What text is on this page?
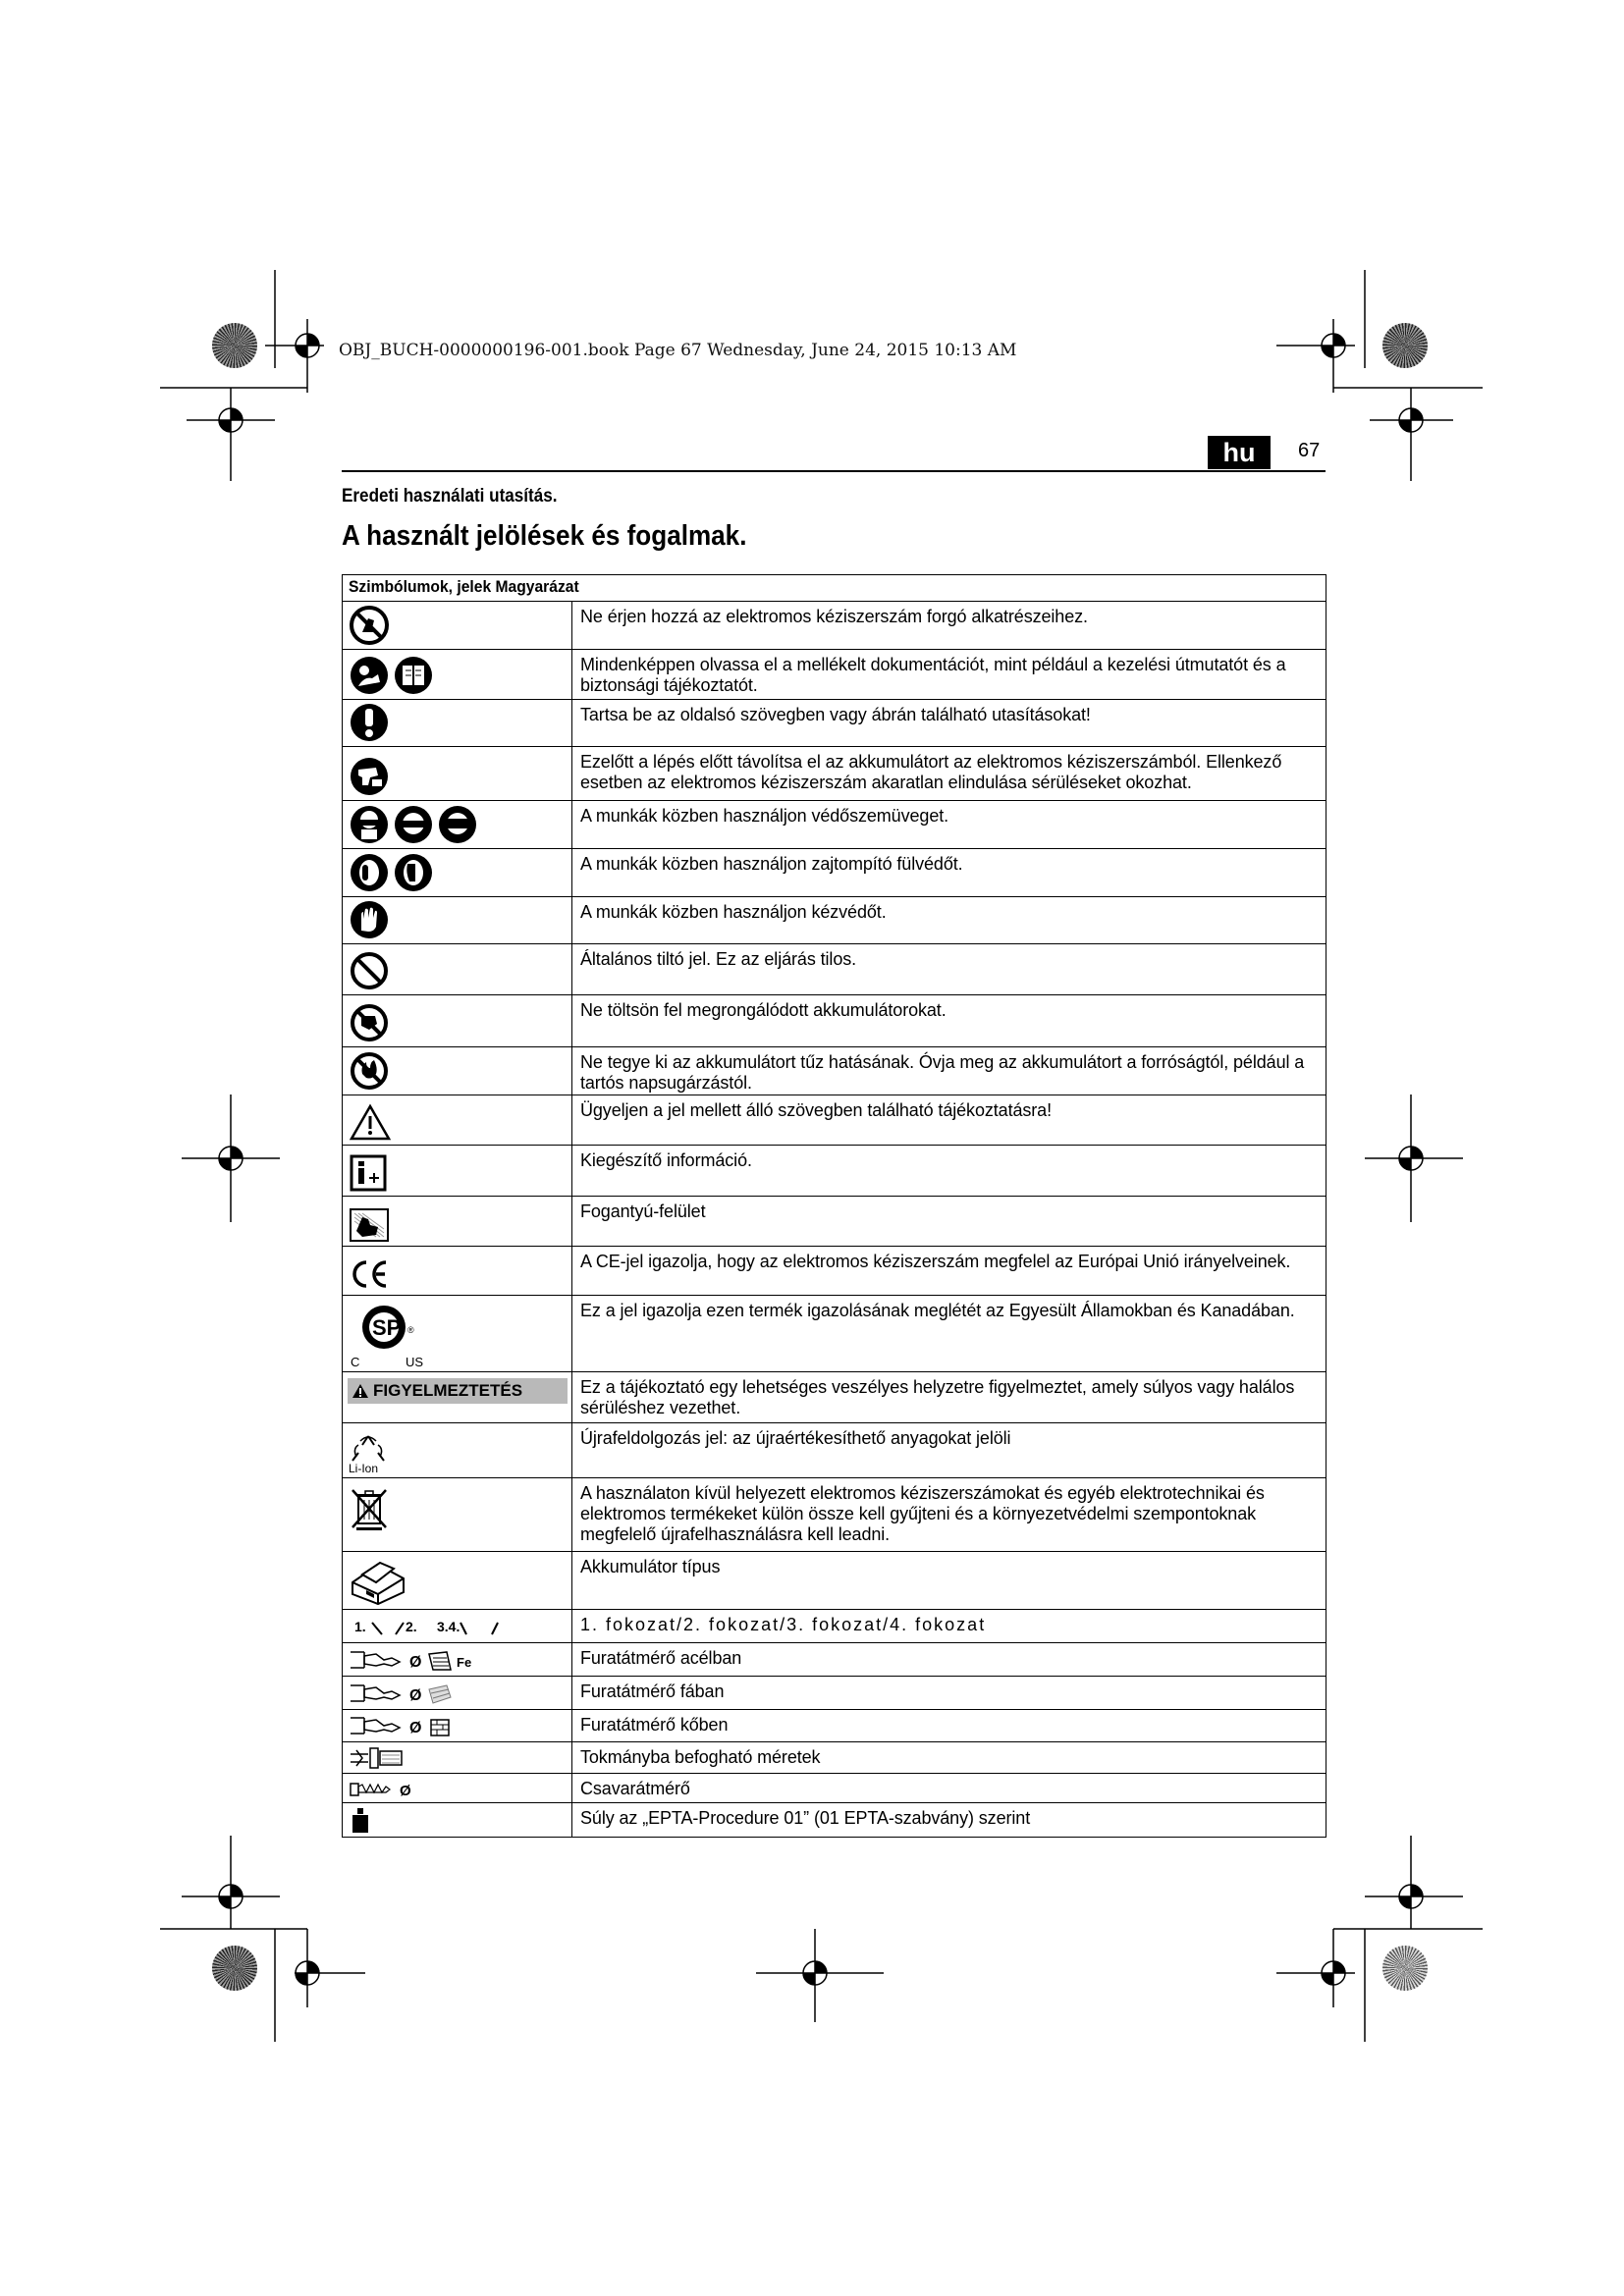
OBJ_BUCH-0000000196-001.book Page 67 Wednesday, June 24, 2015 10:13 AM
hu	67
Eredeti használati utasítás.
A használt jelölések és fogalmak.
Szimbólumok, jelek Magyarázat	

	Ne érjen hozzá az elektromos kéziszerszám forgó alkatrészeihez.

	Mindenképpen olvassa el a mellékelt dokumentációt, mint például a kezelési útmutatót és a biztonsági tájékoztatót.

	Tartsa be az oldalsó szövegben vagy ábrán található utasításokat!

	Ezelőtt a lépés előtt távolítsa el az akkumulátort az elektromos kéziszerszámból. Ellenkező esetben az elektromos kéziszerszám akaratlan elindulása sérüléseket okozhat.

	A munkák közben használjon védőszemüveget.

	A munkák közben használjon zajtompító fülvédőt.

	A munkák közben használjon kézvédőt.

	Általános tiltó jel. Ez az eljárás tilos.

	Ne töltsön fel megrongálódott akkumulátorokat.

	Ne tegye ki az akkumulátort tűz hatásának. Óvja meg az akkumulátort a forróságtól, például a tartós napsugárzástól.

	Ügyeljen a jel mellett álló szövegben található tájékoztatásra!

	Kiegészítő információ.

	Fogantyú-felület

	A CE-jel igazolja, hogy az elektromos kéziszerszám megfelel az Európai Unió irányelveinek.

SP ®
C US	Ez a jel igazolja ezen termék igazolásának meglétét az Egyesült Államokban és Kanadában.

FIGYELMEZTETÉS	Ez a tájékoztató egy lehetséges veszélyes helyzetre figyelmeztet, amely súlyos vagy halálos sérüléshez vezethet.

Li-Ion	Újrafeldolgozás jel: az újraértékesíthető anyagokat jelöli

	A használaton kívül helyezett elektromos kéziszerszámokat és egyéb elektrotechnikai és elektromos termékeket külön össze kell gyűjteni és a környezetvédelmi szempontoknak megfelelő újrafelhasználásra kell leadni.

	Akkumulátor típus

1. 2. 3.4.	1. fokozat/2. fokozat/3. fokozat/4. fokozat

Ø Fe	Furatátmérő acélban

Ø	Furatátmérő fában

Ø	Furatátmérő kőben

	Tokmányba befogható méretek

Ø	Csavarátmérő

	Súly az „EPTA-Procedure 01” (01 EPTA-szabvány) szerint
